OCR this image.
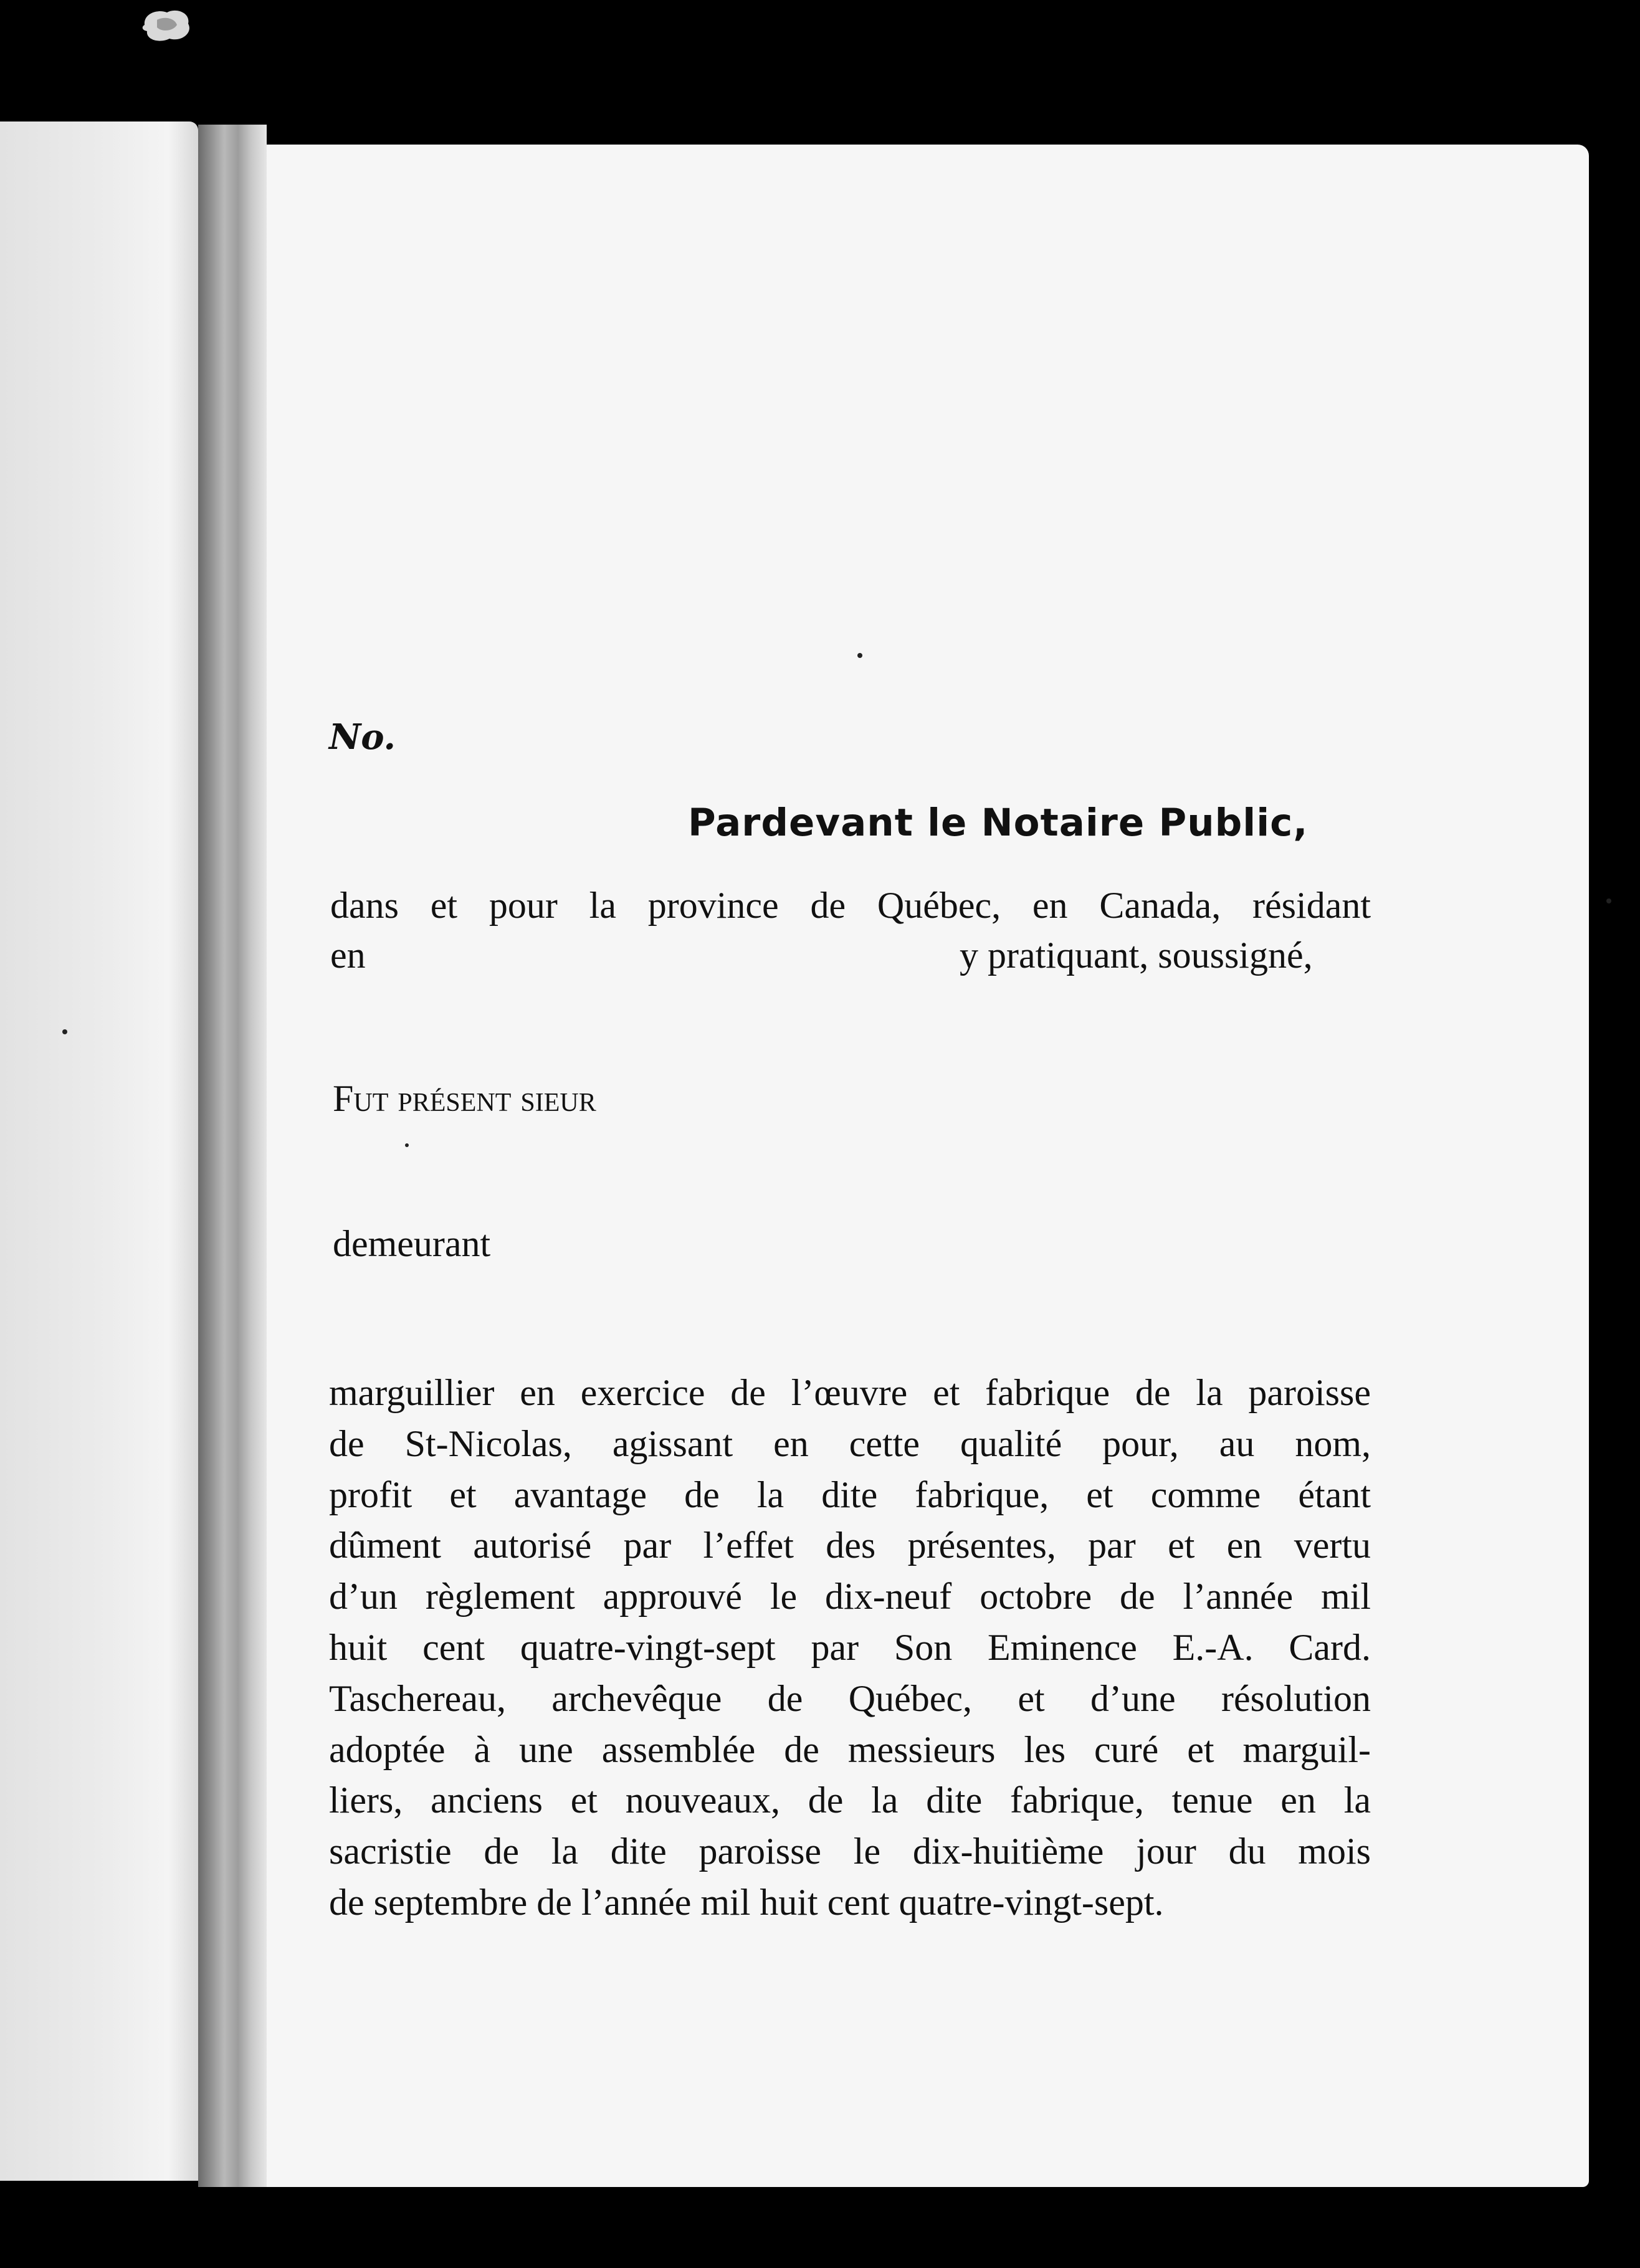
No.
Pardevant le Notaire Public,
dans et pour la province de Québec, en Canada, résidant
en	y pratiquant, soussigné,
Fut présent sieur
demeurant
marguillier en exercice de l’œuvre et fabrique de la paroisse
de St-Nicolas, agissant en cette qualité pour, au nom,
profit et avantage de la dite fabrique, et comme étant
dûment autorisé par l’effet des présentes, par et en vertu
d’un règlement approuvé le dix-neuf octobre de l’année mil
huit cent quatre-vingt-sept par Son Eminence E.-A. Card.
Taschereau, archevêque de Québec, et d’une résolution
adoptée à une assemblée de messieurs les curé et marguil-
liers, anciens et nouveaux, de la dite fabrique, tenue en la
sacristie de la dite paroisse le dix-huitième jour du mois
de septembre de l’année mil huit cent quatre-vingt-sept.
